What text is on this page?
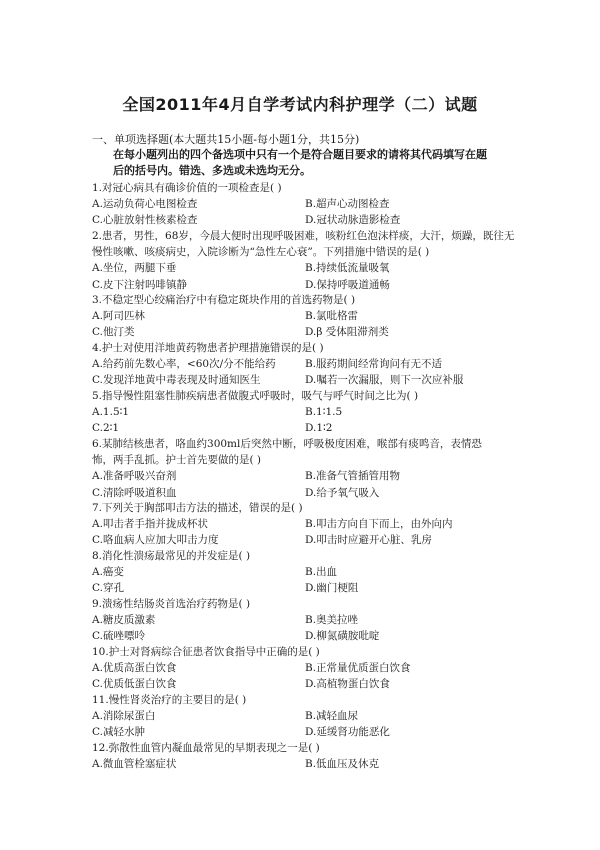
全国2011年4月自学考试内科护理学（二）试题
一、单项选择题(本大题共15小题-每小题1分，共15分)
在每小题列出的四个备选项中只有一个是符合题目要求的请将其代码填写在题后的括号内。错选、多选或未选均无分。
1.对冠心病具有确诊价值的一项检查是( )
A.运动负荷心电图检查	B.超声心动图检查
C.心脏放射性核素检查	D.冠状动脉造影检查
2.患者，男性，68岁，今晨大便时出现呼吸困难，咳粉红色泡沫样痰，大汗，烦躁，既往无
慢性咳嗽、咳痰病史，入院诊断为“急性左心衰”。下列措施中错误的是( )
A.坐位，两腿下垂	B.持续低流量吸氧
C.皮下注射吗啡镇静	D.保持呼吸道通畅
3.不稳定型心绞痛治疗中有稳定斑块作用的首选药物是( )
A.阿司匹林	B.氯吡格雷
C.他汀类	D.β 受体阻滞剂类
4.护士对使用洋地黄药物患者护理措施错误的是( )
A.给药前先数心率，<60次/分不能给药	B.服药期间经常询问有无不适
C.发现洋地黄中毒表现及时通知医生	D.嘱若一次漏服，则下一次应补服
5.指导慢性阻塞性肺疾病患者做腹式呼吸时，吸气与呼气时间之比为( )
A.1.5∶1	B.1∶1.5
C.2∶1	D.1∶2
6.某肺结核患者，咯血约300ml后突然中断，呼吸极度困难，喉部有痰鸣音，表情恐
怖，两手乱抓。护士首先要做的是( )
A.准备呼吸兴奋剂	B.准备气管插管用物
C.清除呼吸道积血	D.给予氧气吸入
7.下列关于胸部叩击方法的描述，错误的是( )
A.叩击者手指并拢成杯状	B.叩击方向自下而上，由外向内
C.咯血病人应加大叩击力度	D.叩击时应避开心脏、乳房
8.消化性溃疡最常见的并发症是( )
A.癌变	B.出血
C.穿孔	D.幽门梗阻
9.溃疡性结肠炎首选治疗药物是( )
A.糖皮质激素	B.奥美拉唑
C.硫唑嘌呤	D.柳氮磺胺吡啶
10.护士对肾病综合征患者饮食指导中正确的是( )
A.优质高蛋白饮食	B.正常量优质蛋白饮食
C.优质低蛋白饮食	D.高植物蛋白饮食
11.慢性肾炎治疗的主要目的是( )
A.消除尿蛋白	B.减轻血尿
C.减轻水肿	D.延缓肾功能恶化
12.弥散性血管内凝血最常见的早期表现之一是( )
A.微血管栓塞症状	B.低血压及休克
